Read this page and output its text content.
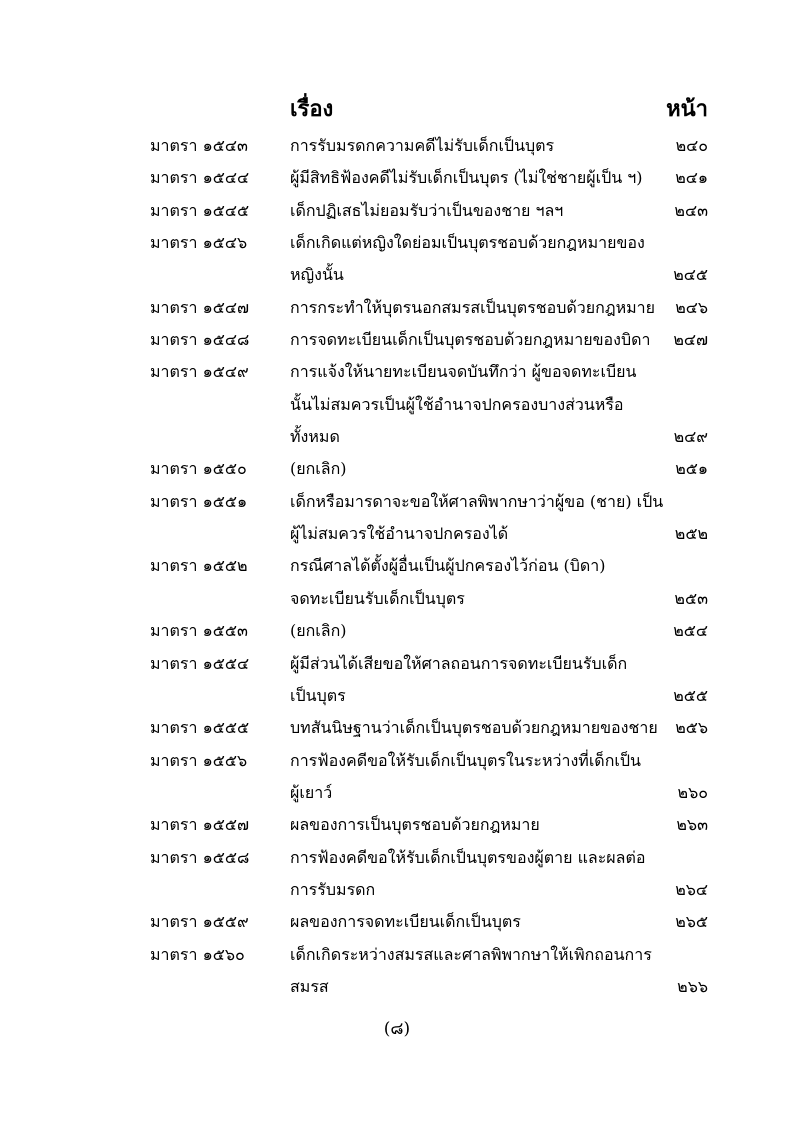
เรื่อง	หน้า
มาตรา ๑๕๔๓	การรับมรดกความคดีไม่รับเด็กเป็นบุตร	๒๔๐
มาตรา ๑๕๔๔	ผู้มีสิทธิฟ้องคดีไม่รับเด็กเป็นบุตร (ไม่ใช่ชายผู้เป็น ฯ) ๒๔๑
มาตรา ๑๕๔๕	เด็กปฏิเสธไม่ยอมรับว่าเป็นของชาย ฯลฯ	๒๔๓
มาตรา ๑๕๔๖	เด็กเกิดแต่หญิงใดย่อมเป็นบุตรชอบด้วยกฎหมายของ
หญิงนั้น	๒๔๕
มาตรา ๑๕๔๗	การกระทำให้บุตรนอกสมรสเป็นบุตรชอบด้วยกฎหมาย ๒๔๖
มาตรา ๑๕๔๘	การจดทะเบียนเด็กเป็นบุตรชอบด้วยกฎหมายของบิดา ๒๔๗
มาตรา ๑๕๔๙	การแจ้งให้นายทะเบียนจดบันทึกว่า ผู้ขอจดทะเบียน
นั้นไม่สมควรเป็นผู้ใช้อำนาจปกครองบางส่วนหรือ
ทั้งหมด	๒๔๙
มาตรา ๑๕๕๐	(ยกเลิก)	๒๕๑
มาตรา ๑๕๕๑	เด็กหรือมารดาจะขอให้ศาลพิพากษาว่าผู้ขอ (ชาย) เป็น
ผู้ไม่สมควรใช้อำนาจปกครองได้	๒๕๒
มาตรา ๑๕๕๒	กรณีศาลได้ตั้งผู้อื่นเป็นผู้ปกครองไว้ก่อน (บิดา)
จดทะเบียนรับเด็กเป็นบุตร	๒๕๓
มาตรา ๑๕๕๓	(ยกเลิก)	๒๕๔
มาตรา ๑๕๕๔	ผู้มีส่วนได้เสียขอให้ศาลถอนการจดทะเบียนรับเด็ก
เป็นบุตร	๒๕๕
มาตรา ๑๕๕๕	บทสันนิษฐานว่าเด็กเป็นบุตรชอบด้วยกฎหมายของชาย ๒๕๖
มาตรา ๑๕๕๖	การฟ้องคดีขอให้รับเด็กเป็นบุตรในระหว่างที่เด็กเป็น
ผู้เยาว์	๒๖๐
มาตรา ๑๕๕๗	ผลของการเป็นบุตรชอบด้วยกฎหมาย	๒๖๓
มาตรา ๑๕๕๘	การฟ้องคดีขอให้รับเด็กเป็นบุตรของผู้ตาย และผลต่อ
การรับมรดก	๒๖๔
มาตรา ๑๕๕๙	ผลของการจดทะเบียนเด็กเป็นบุตร	๒๖๕
มาตรา ๑๕๖๐	เด็กเกิดระหว่างสมรสและศาลพิพากษาให้เพิกถอนการ
สมรส	๒๖๖
(๘)
